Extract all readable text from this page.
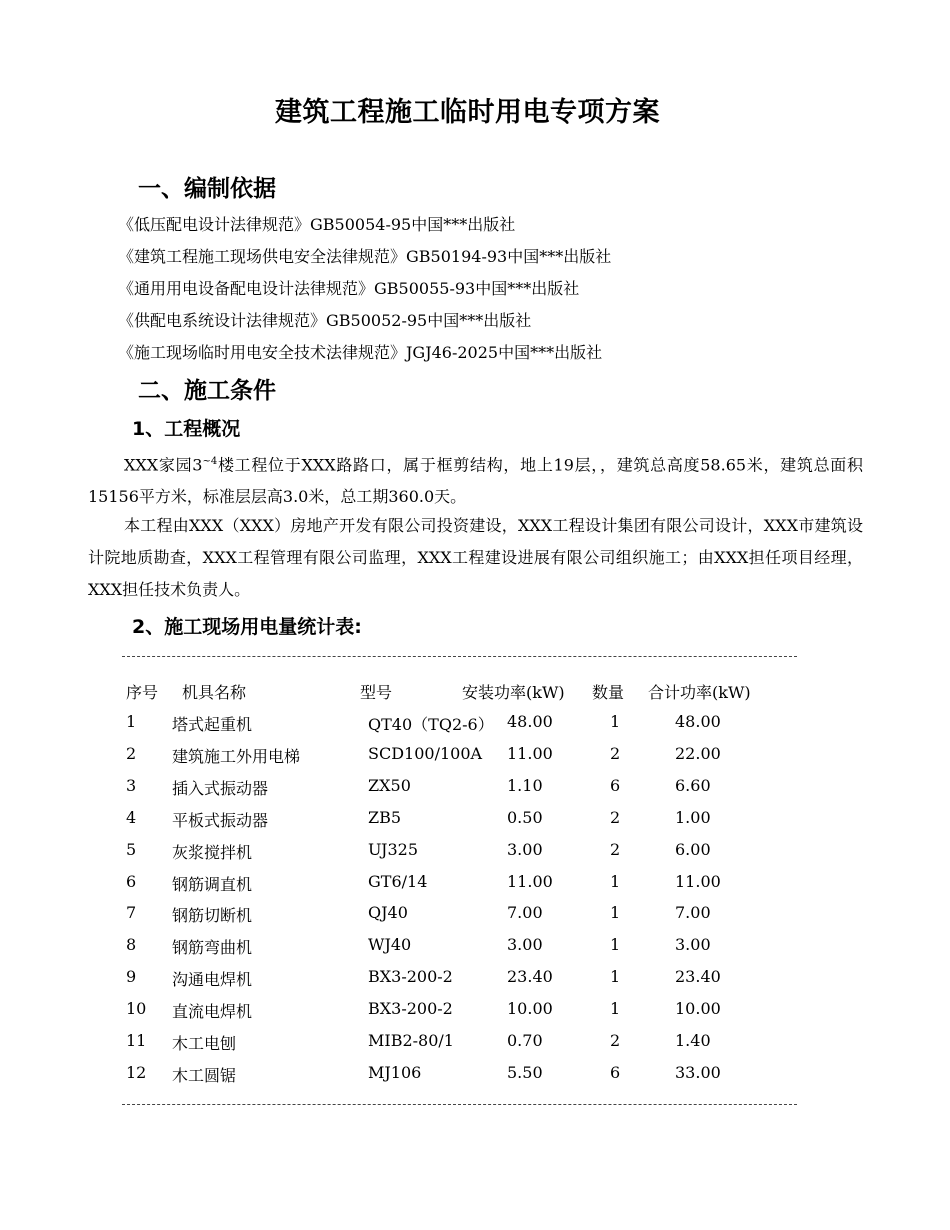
建筑工程施工临时用电专项方案
一、编制依据
《低压配电设计法律规范》GB50054-95中国***出版社
《建筑工程施工现场供电安全法律规范》GB50194-93中国***出版社
《通用用电设备配电设计法律规范》GB50055-93中国***出版社
《供配电系统设计法律规范》GB50052-95中国***出版社
《施工现场临时用电安全技术法律规范》JGJ46-2025中国***出版社
二、施工条件
1、工程概况
XXX家园$3^{\sim 4}$楼工程位于XXX路路口，属于框剪结构，地上19层，，建筑总高度58.65米，建筑总面积15156平方米，标准层层高3.0米，总工期360.0天。
本工程由XXX（XXX）房地产开发有限公司投资建设，XXX工程设计集团有限公司设计，XXX市建筑设计院地质勘查，XXX工程管理有限公司监理，XXX工程建设进展有限公司组织施工；由XXX担任项目经理，XXX担任技术负责人。
2、施工现场用电量统计表:
序号 机具名称	型号	安装功率(kW) 数量 合计功率(kW)
1 塔式起重机	QT40（TQ2-6） 48.00	1	48.00
2 建筑施工外用电梯	SCD100/100A 11.00	2	22.00
3 插入式振动器	ZX50	1.10	6	6.60
4 平板式振动器	ZB5	0.50	2	1.00
5 灰浆搅拌机	UJ325	3.00	2	6.00
6 钢筋调直机	GT6/14	11.00	1	11.00
7 钢筋切断机	QJ40	7.00	1	7.00
8 钢筋弯曲机	WJ40	3.00	1	3.00
9 沟通电焊机	BX3-200-2	23.40	1	23.40
10 直流电焊机	BX3-200-2	10.00	1	10.00
11 木工电刨	MIB2-80/1	0.70	2	1.40
12 木工圆锯	MJ106	5.50	6	33.00
